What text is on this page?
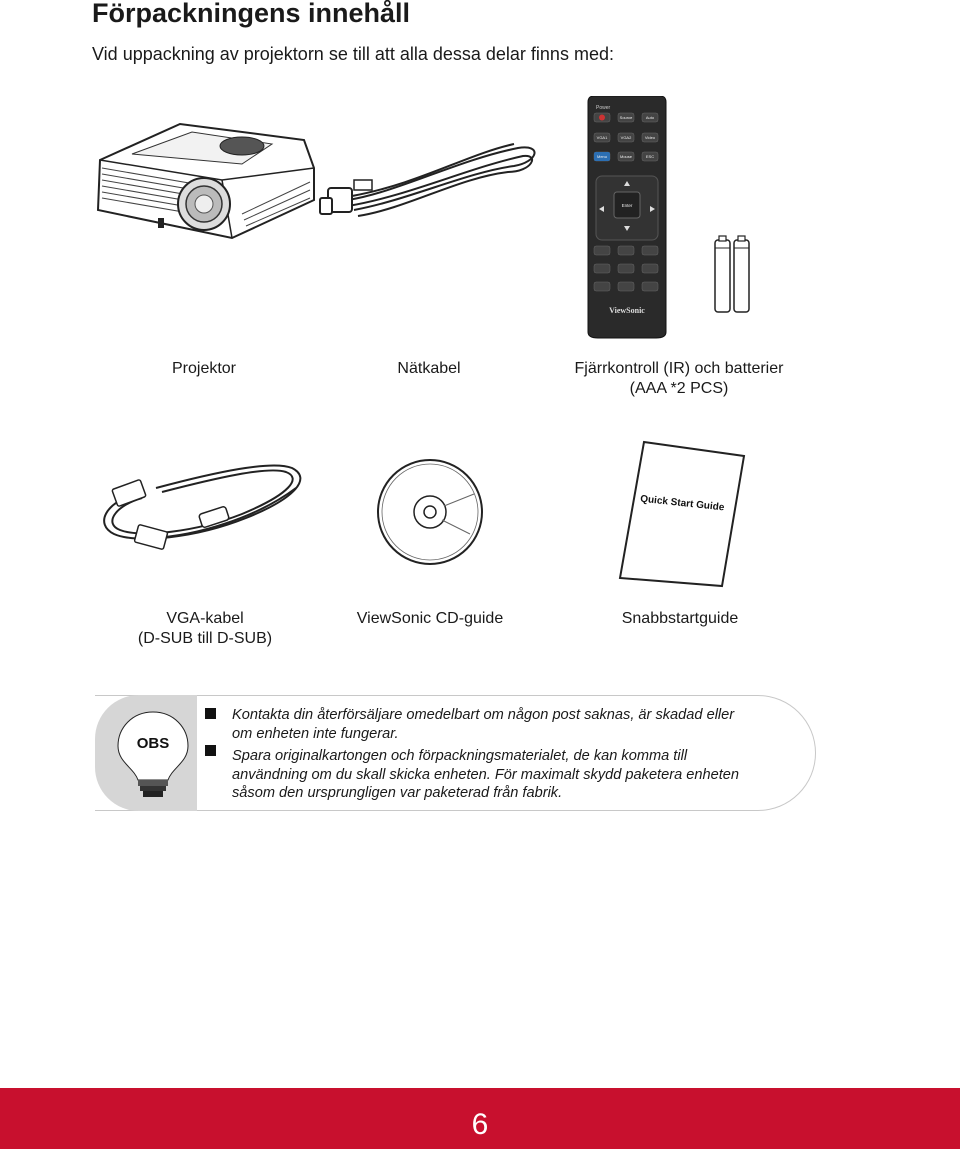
Förpackningens innehåll
Vid uppackning av projektorn se till att alla dessa delar finns med:
Power
Source	Auto
VGA1	VGA2	Video
Menu	Mouse	ESC
Enter
ViewSonic
Projektor	Nätkabel	Fjärrkontroll (IR) och batterier
(AAA *2 PCS)
Quick Start Guide
VGA-kabel
(D-SUB till D-SUB)
ViewSonic CD-guide	Snabbstartguide
OBS
Kontakta din återförsäljare omedelbart om någon post saknas, är skadad eller
om enheten inte fungerar.
Spara originalkartongen och förpackningsmaterialet, de kan komma till
användning om du skall skicka enheten. För maximalt skydd paketera enheten
såsom den ursprungligen var paketerad från fabrik.
6
